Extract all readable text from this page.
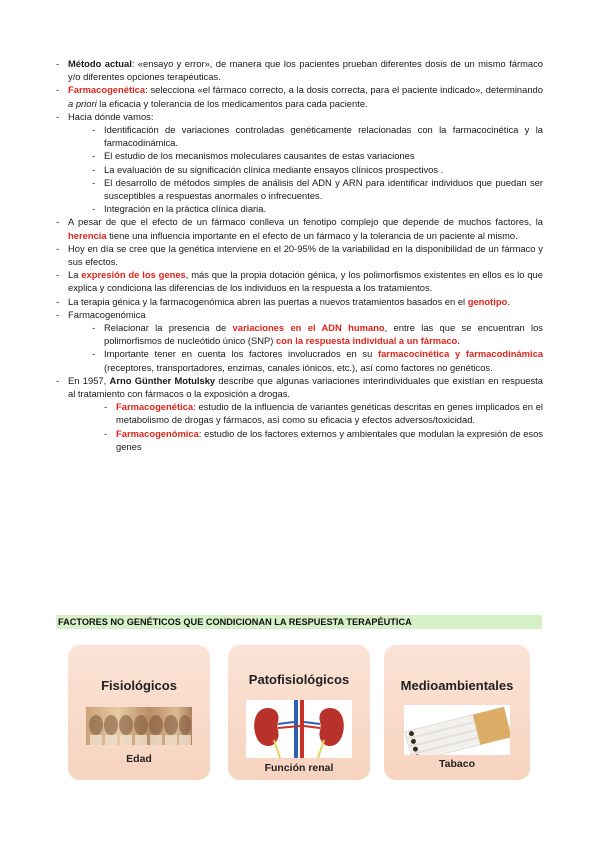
- Método actual: «ensayo y error», de manera que los pacientes prueban diferentes dosis de un mismo fármaco y/o diferentes opciones terapéuticas.
- Farmacogenética: selecciona «el fármaco correcto, a la dosis correcta, para el paciente indicado», determinando a priori la eficacia y tolerancia de los medicamentos para cada paciente.
- Hacia dónde vamos:
- Identificación de variaciones controladas genéticamente relacionadas con la farmacocinética y la farmacodinámica.
- El estudio de los mecanismos moleculares causantes de estas variaciones
- La evaluación de su significación clínica mediante ensayos clínicos prospectivos .
- El desarrollo de métodos simples de análisis del ADN y ARN para identificar individuos que puedan ser susceptibles a respuestas anormales o infrecuentes.
- Integración en la práctica clínica diaria.
- A pesar de que el efecto de un fármaco conlleva un fenotipo complejo que depende de muchos factores, la herencia tiene una influencia importante en el efecto de un fármaco y la tolerancia de un paciente al mismo.
- Hoy en día se cree que la genética interviene en el 20-95% de la variabilidad en la disponibilidad de un fármaco y sus efectos.
- La expresión de los genes, más que la propia dotación génica, y los polimorfismos existentes en ellos es lo que explica y condiciona las diferencias de los individuos en la respuesta a los tratamientos.
- La terapia génica y la farmacogenómica abren las puertas a nuevos tratamientos basados en el genotipo.
- Farmacogenómica
- Relacionar la presencia de variaciones en el ADN humano, entre las que se encuentran los polimorfismos de nucleótido único (SNP) con la respuesta individual a un fármaco.
- Importante tener en cuenta los factores involucrados en su farmacocinética y farmacodinámica (receptores, transportadores, enzimas, canales iónicos, etc.), así como factores no genéticos.
- En 1957, Arno Günther Motulsky describe que algunas variaciones interindividuales que existían en respuesta al tratamiento con fármacos o la exposición a drogas.
- Farmacogenética: estudio de la influencia de variantes genéticas descritas en genes implicados en el metabolismo de drogas y fármacos, así como su eficacia y efectos adversos/toxicidad.
- Farmacogenómica: estudio de los factores externos y ambientales que modulan la expresión de esos genes
FACTORES NO GENÉTICOS QUE CONDICIONAN LA RESPUESTA TERAPÉUTICA
Fisiológicos
Edad
Patofisiológicos
Función renal
Medioambientales
Tabaco
